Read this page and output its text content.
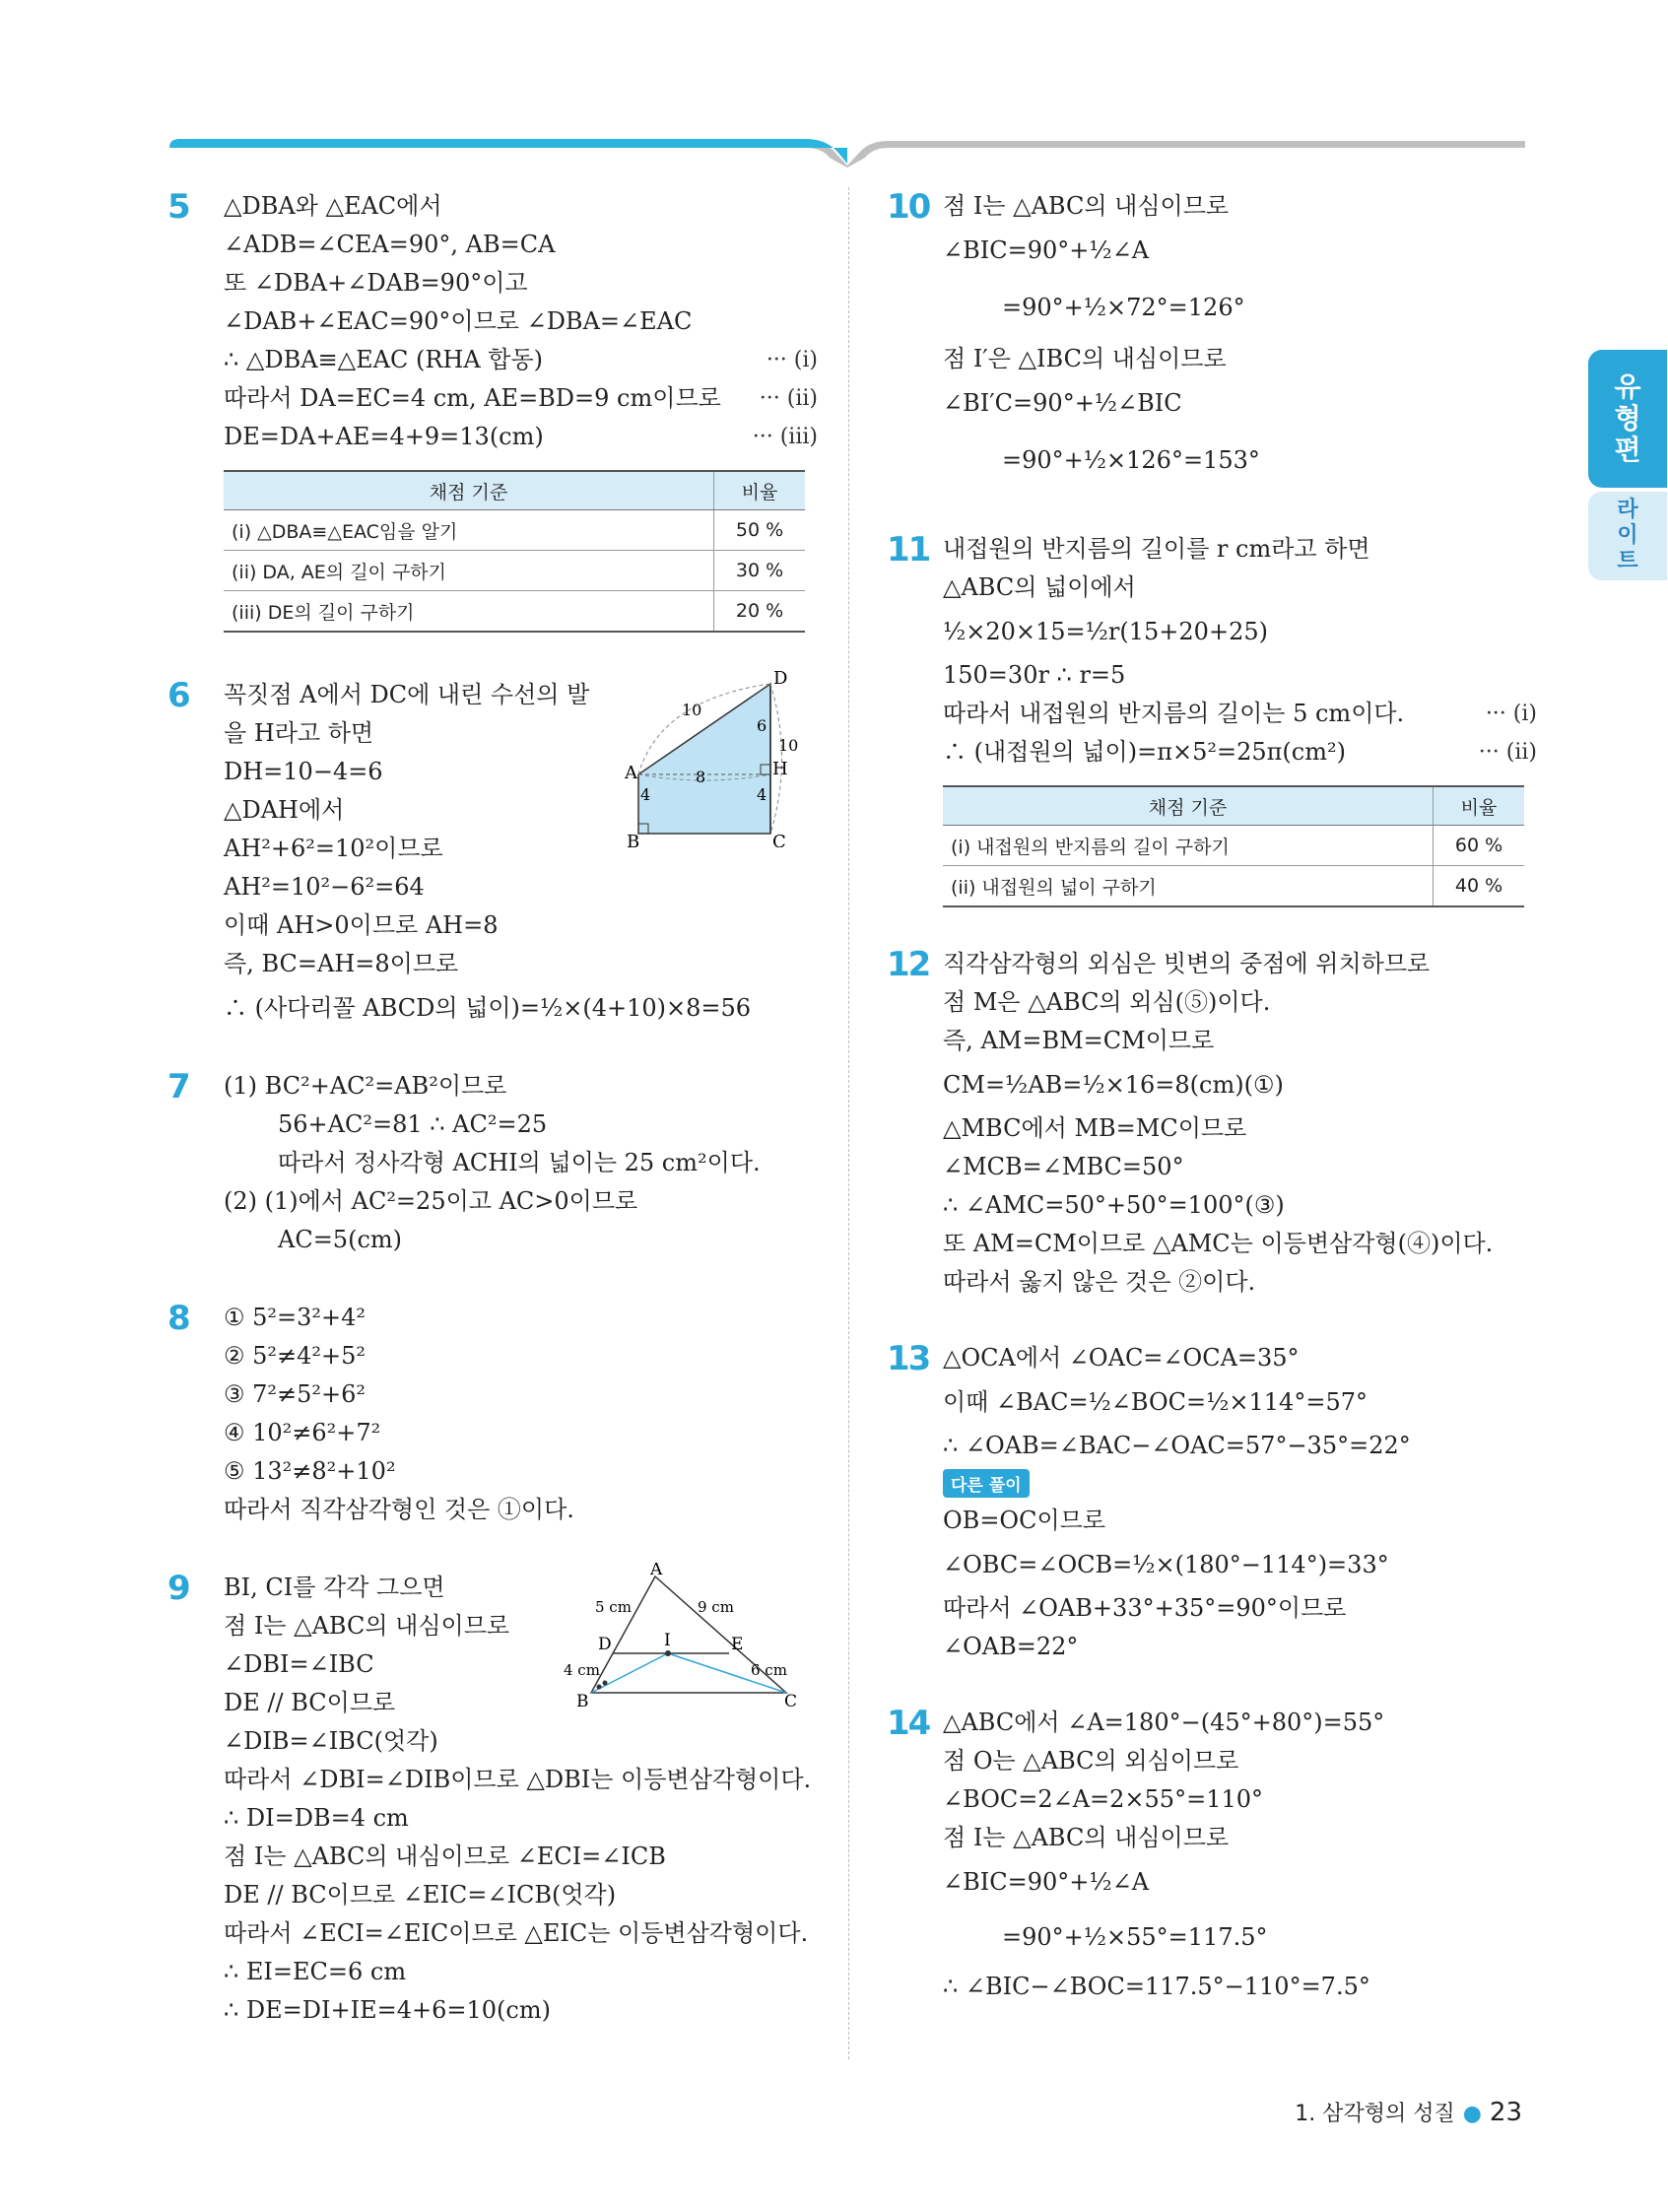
5 △DBA와 △EAC에서
∠ADB=∠CEA=90°, AB=CA
또 ∠DBA+∠DAB=90°이고
∠DAB+∠EAC=90°이므로 ∠DBA=∠EAC
∴ △DBA≡△EAC (RHA 합동)	··· (i)
따라서 DA=EC=4 cm, AE=BD=9 cm이므로 ··· (ii)
DE=DA+AE=4+9=13(cm)	··· (iii)
채점 기준	비율
(i) △DBA≡△EAC임을 알기	50 %
(ii) DA, AE의 길이 구하기	30 %
(iii) DE의 길이 구하기	20 %
6 꼭짓점 A에서 DC에 내린 수선의 발
을 H라고 하면
DH=10−4=6
△DAH에서
AH²+6²=10²이므로
AH²=10²−6²=64
이때 AH>0이므로 AH=8
즉, BC=AH=8이므로
∴ (사다리꼴 ABCD의 넓이)=½×(4+10)×8=56
A
B	C
D
H
10
6
10
8
4	4
7 (1) BC²+AC²=AB²이므로
56+AC²=81 ∴ AC²=25
따라서 정사각형 ACHI의 넓이는 25 cm²이다.
(2) (1)에서 AC²=25이고 AC>0이므로
AC=5(cm)
8 ① 5²=3²+4²
② 5²≠4²+5²
③ 7²≠5²+6²
④ 10²≠6²+7²
⑤ 13²≠8²+10²
따라서 직각삼각형인 것은 ①이다.
9 BI, CI를 각각 그으면
점 I는 △ABC의 내심이므로
∠DBI=∠IBC
DE // BC이므로
∠DIB=∠IBC(엇각)
따라서 ∠DBI=∠DIB이므로 △DBI는 이등변삼각형이다.
∴ DI=DB=4 cm
점 I는 △ABC의 내심이므로 ∠ECI=∠ICB
DE // BC이므로 ∠EIC=∠ICB(엇각)
따라서 ∠ECI=∠EIC이므로 △EIC는 이등변삼각형이다.
∴ EI=EC=6 cm
∴ DE=DI+IE=4+6=10(cm)
A
B	C
D	E
I
5 cm	9 cm
4 cm	6 cm
10 점 I는 △ABC의 내심이므로
∠BIC=90°+½∠A
=90°+½×72°=126°
점 I′은 △IBC의 내심이므로
∠BI′C=90°+½∠BIC
=90°+½×126°=153°
11 내접원의 반지름의 길이를 r cm라고 하면
△ABC의 넓이에서
½×20×15=½r(15+20+25)
150=30r ∴ r=5
따라서 내접원의 반지름의 길이는 5 cm이다.	··· (i)
∴ (내접원의 넓이)=π×5²=25π(cm²)	··· (ii)
채점 기준	비율
(i) 내접원의 반지름의 길이 구하기	60 %
(ii) 내접원의 넓이 구하기	40 %
12 직각삼각형의 외심은 빗변의 중점에 위치하므로
점 M은 △ABC의 외심(⑤)이다.
즉, AM=BM=CM이므로
CM=½AB=½×16=8(cm)(①)
△MBC에서 MB=MC이므로
∠MCB=∠MBC=50°
∴ ∠AMC=50°+50°=100°(③)
또 AM=CM이므로 △AMC는 이등변삼각형(④)이다.
따라서 옳지 않은 것은 ②이다.
13 △OCA에서 ∠OAC=∠OCA=35°
이때 ∠BAC=½∠BOC=½×114°=57°
∴ ∠OAB=∠BAC−∠OAC=57°−35°=22°
다른 풀이
OB=OC이므로
∠OBC=∠OCB=½×(180°−114°)=33°
따라서 ∠OAB+33°+35°=90°이므로
∠OAB=22°
14 △ABC에서 ∠A=180°−(45°+80°)=55°
점 O는 △ABC의 외심이므로
∠BOC=2∠A=2×55°=110°
점 I는 △ABC의 내심이므로
∠BIC=90°+½∠A
=90°+½×55°=117.5°
∴ ∠BIC−∠BOC=117.5°−110°=7.5°
유
형
편
라
이
트
1. 삼각형의 성질 ● 23
